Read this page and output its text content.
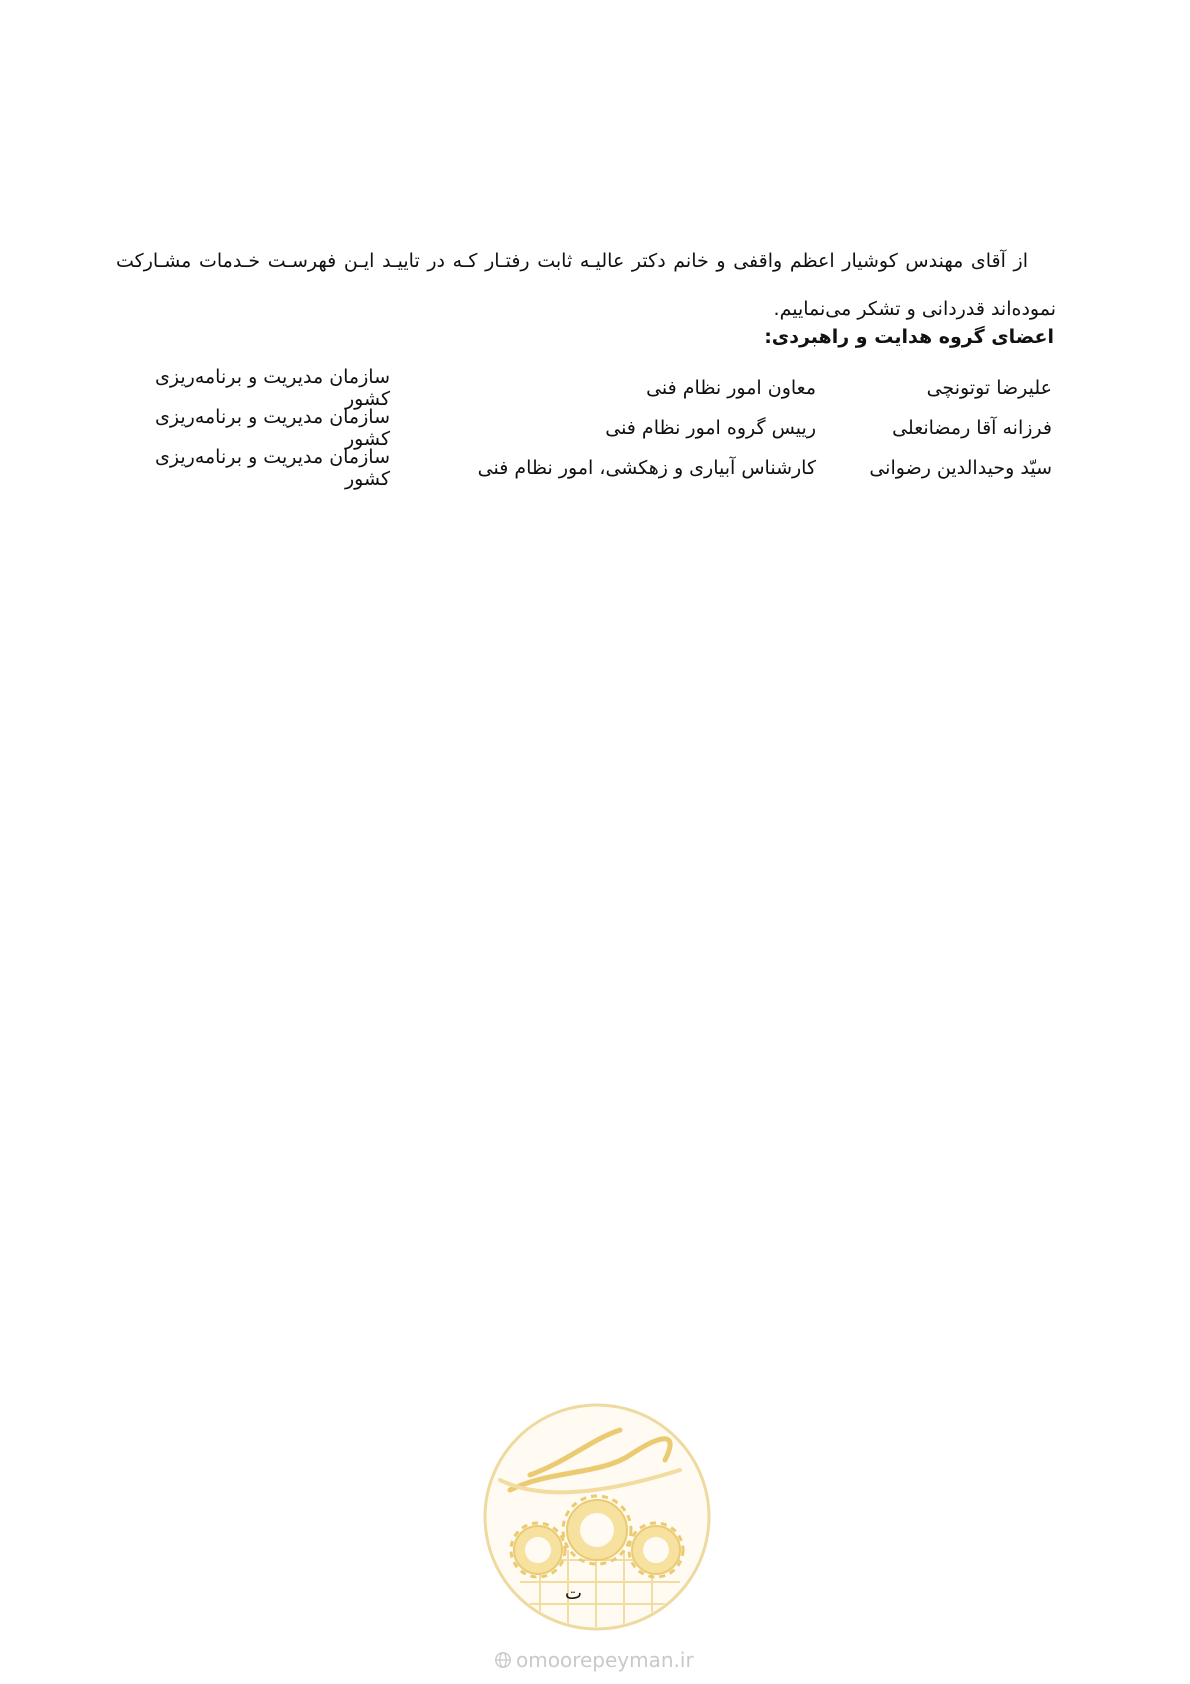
از آقای مهندس کوشیار اعظم واقفی و خانم دکتر عالیـه ثابت رفتـار کـه در تاییـد ایـن فهرسـت خـدمات مشـارکت نموده‌اند قدردانی و تشکر می‌نماییم.

اعضای گروه هدایت و راهبردی:
علیرضا توتونچی
معاون امور نظام فنی
سازمان مدیریت و برنامه‌ریزی کشور
فرزانه آقا رمضانعلی
رییس گروه امور نظام فنی
سازمان مدیریت و برنامه‌ریزی کشور
سیّد وحیدالدین رضوانی
کارشناس آبیاری و زهکشی، امور نظام فنی
سازمان مدیریت و برنامه‌ریزی کشور
ت
omoorepeyman.ir
